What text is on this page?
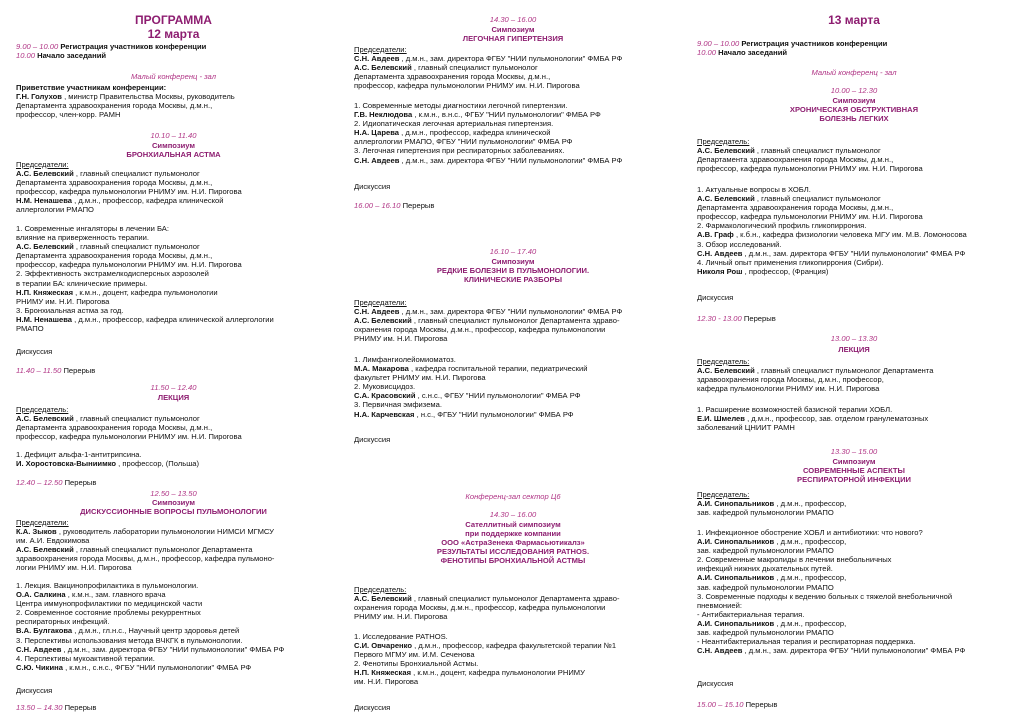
ПРОГРАММА
12 марта
9.00 – 10.00 Регистрация участников конференции
10.00 Начало заседаний
Малый конференц - зал
Приветствие участникам конференции:
Г.Н. Голухов , министр Правительства Москвы, руководитель
Департамента здравоохранения города Москвы, д.м.н.,
профессор, член-корр. РАМН
10.10 – 11.40
Симпозиум
БРОНХИАЛЬНАЯ АСТМА
Председатели:
А.С. Белевский , главный специалист пульмонолог
Департамента здравоохранения города Москвы, д.м.н.,
профессор, кафедра пульмонологии РНИМУ им. Н.И. Пирогова
Н.М. Ненашева , д.м.н., профессор, кафедра клинической
аллергологии РМАПО
1. Современные ингаляторы в лечении БА:
влияние на приверженность терапии.
А.С. Белевский , главный специалист пульмонолог
Департамента здравоохранения города Москвы, д.м.н.,
профессор, кафедра пульмонологии РНИМУ им. Н.И. Пирогова
2. Эффективность экстрамелкодисперсных аэрозолей
в терапии БА: клинические примеры.
Н.П. Княжеская , к.м.н., доцент, кафедра пульмонологии
РНИМУ им. Н.И. Пирогова
3. Бронхиальная астма за год.
Н.М. Ненашева , д.м.н., профессор, кафедра клинической аллергологии
РМАПО
Дискуссия
11.40 – 11.50 Перерыв
11.50 – 12.40
ЛЕКЦИЯ
Председатель:
А.С. Белевский , главный специалист пульмонолог
Департамента здравоохранения города Москвы, д.м.н.,
профессор, кафедра пульмонологии РНИМУ им. Н.И. Пирогова
1. Дефицит альфа-1-антитрипсина.
И. Хоростовска-Выниимко , профессор, (Польша)
12.40 – 12.50 Перерыв
12.50 – 13.50
Симпозиум
ДИСКУССИОННЫЕ ВОПРОСЫ ПУЛЬМОНОЛОГИИ
Председатели:
К.А. Зыков , руководитель лаборатории пульмонологии НИМСИ МГМСУ
им. А.И. Евдокимова
А.С. Белевский , главный специалист пульмонолог Департамента
здравоохранения города Москвы, д.м.н., профессор, кафедра пульмоно-
логии РНИМУ им. Н.И. Пирогова
1. Лекция. Вакцинопрофилактика в пульмонологии.
О.А. Салкина , к.м.н., зам. главного врача
Центра иммунопрофилактики по медицинской части
2. Современное состояние проблемы рекуррентных
респираторных инфекций.
В.А. Булгакова , д.м.н., гл.н.с., Научный центр здоровья детей
3. Перспективы использования метода ВЧКГК в пульмонологии.
С.Н. Авдеев , д.м.н., зам. директора ФГБУ "НИИ пульмонологии" ФМБА РФ
4. Перспективы мукоактивной терапии.
С.Ю. Чикина , к.м.н., с.н.с., ФГБУ "НИИ пульмонологии" ФМБА РФ
Дискуссия
13.50 – 14.30 Перерыв
14.30 – 16.00
Симпозиум
ЛЕГОЧНАЯ ГИПЕРТЕНЗИЯ
Председатели:
С.Н. Авдеев , д.м.н., зам. директора ФГБУ "НИИ пульмонологии" ФМБА РФ
А.С. Белевский , главный специалист пульмонолог
Департамента здравоохранения города Москвы, д.м.н.,
профессор, кафедра пульмонологии РНИМУ им. Н.И. Пирогова
1. Современные методы диагностики легочной гипертензии.
Г.В. Неклюдова , к.м.н., в.н.с., ФГБУ "НИИ пульмонологии" ФМБА РФ
2. Идиопатическая легочная артериальная гипертензия.
Н.А. Царева , д.м.н., профессор, кафедра клинической
аллергологии РМАПО, ФГБУ "НИИ пульмонологии" ФМБА РФ
3. Легочная гипертензия при респираторных заболеваниях.
С.Н. Авдеев , д.м.н., зам. директора ФГБУ "НИИ пульмонологии" ФМБА РФ
Дискуссия
16.00 – 16.10 Перерыв
16.10 – 17.40
Симпозиум
РЕДКИЕ БОЛЕЗНИ В ПУЛЬМОНОЛОГИИ.
КЛИНИЧЕСКИЕ РАЗБОРЫ
Председатели:
С.Н. Авдеев , д.м.н., зам. директора ФГБУ "НИИ пульмонологии" ФМБА РФ
А.С. Белевский , главный специалист пульмонолог Департамента здраво-
охранения города Москвы, д.м.н., профессор, кафедра пульмонологии
РНИМУ им. Н.И. Пирогова
1. Лимфангиолейомиоматоз.
М.А. Макарова , кафедра госпитальной терапии, педиатрический
факультет РНИМУ им. Н.И. Пирогова
2. Муковисцидоз.
С.А. Красовский , с.н.с., ФГБУ "НИИ пульмонологии" ФМБА РФ
3. Первичная эмфизема.
Н.А. Карчевская , н.с., ФГБУ "НИИ пульмонологии" ФМБА РФ
Дискуссия
Конференц-зал сектор Ц6
14.30 – 16.00
Сателлитный симпозиум
при поддержке компании
ООО «АстраЗенека Фармасьютикалз»
РЕЗУЛЬТАТЫ ИССЛЕДОВАНИЯ PATHOS.
ФЕНОТИПЫ БРОНХИАЛЬНОЙ АСТМЫ
Председатель:
А.С. Белевский , главный специалист пульмонолог Департамента здраво-
охранения города Москвы, д.м.н., профессор, кафедра пульмонологии
РНИМУ им. Н.И. Пирогова
1. Исследование PATHOS.
С.И. Овчаренко , д.м.н., профессор, кафедра факультетской терапии №1
Первого МГМУ им. И.М. Сеченова
2. Фенотипы Бронхиальной Астмы.
Н.П. Княжеская , к.м.н., доцент, кафедра пульмонологии РНИМУ
им. Н.И. Пирогова
Дискуссия
13 марта
9.00 – 10.00 Регистрация участников конференции
10.00 Начало заседаний
Малый конференц - зал
10.00 – 12.30
Симпозиум
ХРОНИЧЕСКАЯ ОБСТРУКТИВНАЯ
БОЛЕЗНЬ ЛЕГКИХ
Председатель:
А.С. Белевский , главный специалист пульмонолог
Департамента здравоохранения города Москвы, д.м.н.,
профессор, кафедра пульмонологии РНИМУ им. Н.И. Пирогова
1. Актуальные вопросы в ХОБЛ.
А.С. Белевский , главный специалист пульмонолог
Департамента здравоохранения города Москвы, д.м.н.,
профессор, кафедра пульмонологии РНИМУ им. Н.И. Пирогова
2. Фармакологический профиль гликопиррония.
А.В. Граф , к.б.н., кафедра физиологии человека МГУ им. М.В. Ломоносова
3. Обзор исследований.
С.Н. Авдеев , д.м.н., зам. директора ФГБУ "НИИ пульмонологии" ФМБА РФ
4. Личный опыт применения гликопиррония (Сибри).
Николя Рош , профессор, (Франция)
Дискуссия
12.30 - 13.00 Перерыв
13.00 – 13.30
ЛЕКЦИЯ
Председатель:
А.С. Белевский , главный специалист пульмонолог Департамента
здравоохранения города Москвы, д.м.н., профессор,
кафедра пульмонологии РНИМУ им. Н.И. Пирогова
1. Расширение возможностей базисной терапии ХОБЛ.
Е.И. Шмелев , д.м.н., профессор, зав. отделом гранулематозных
заболеваний ЦНИИТ РАМН
13.30 – 15.00
Симпозиум
СОВРЕМЕННЫЕ АСПЕКТЫ
РЕСПИРАТОРНОЙ ИНФЕКЦИИ
Председатель:
А.И. Синопальников , д.м.н., профессор,
зав. кафедрой пульмонологии РМАПО
1. Инфекционное обострение ХОБЛ и антибиотики: что нового?
А.И. Синопальников , д.м.н., профессор,
зав. кафедрой пульмонологии РМАПО
2. Современные макролиды в лечении внебольничных
инфекций нижних дыхательных путей.
А.И. Синопальников , д.м.н., профессор,
зав. кафедрой пульмонологии РМАПО
3. Современные подходы к ведению больных с тяжелой внебольничной
пневмонией:
- Антибактериальная терапия.
А.И. Синопальников , д.м.н., профессор,
зав. кафедрой пульмонологии РМАПО
- Неантибактериальная терапия и респираторная поддержка.
С.Н. Авдеев , д.м.н., зам. директора ФГБУ "НИИ пульмонологии" ФМБА РФ
Дискуссия
15.00 – 15.10 Перерыв
